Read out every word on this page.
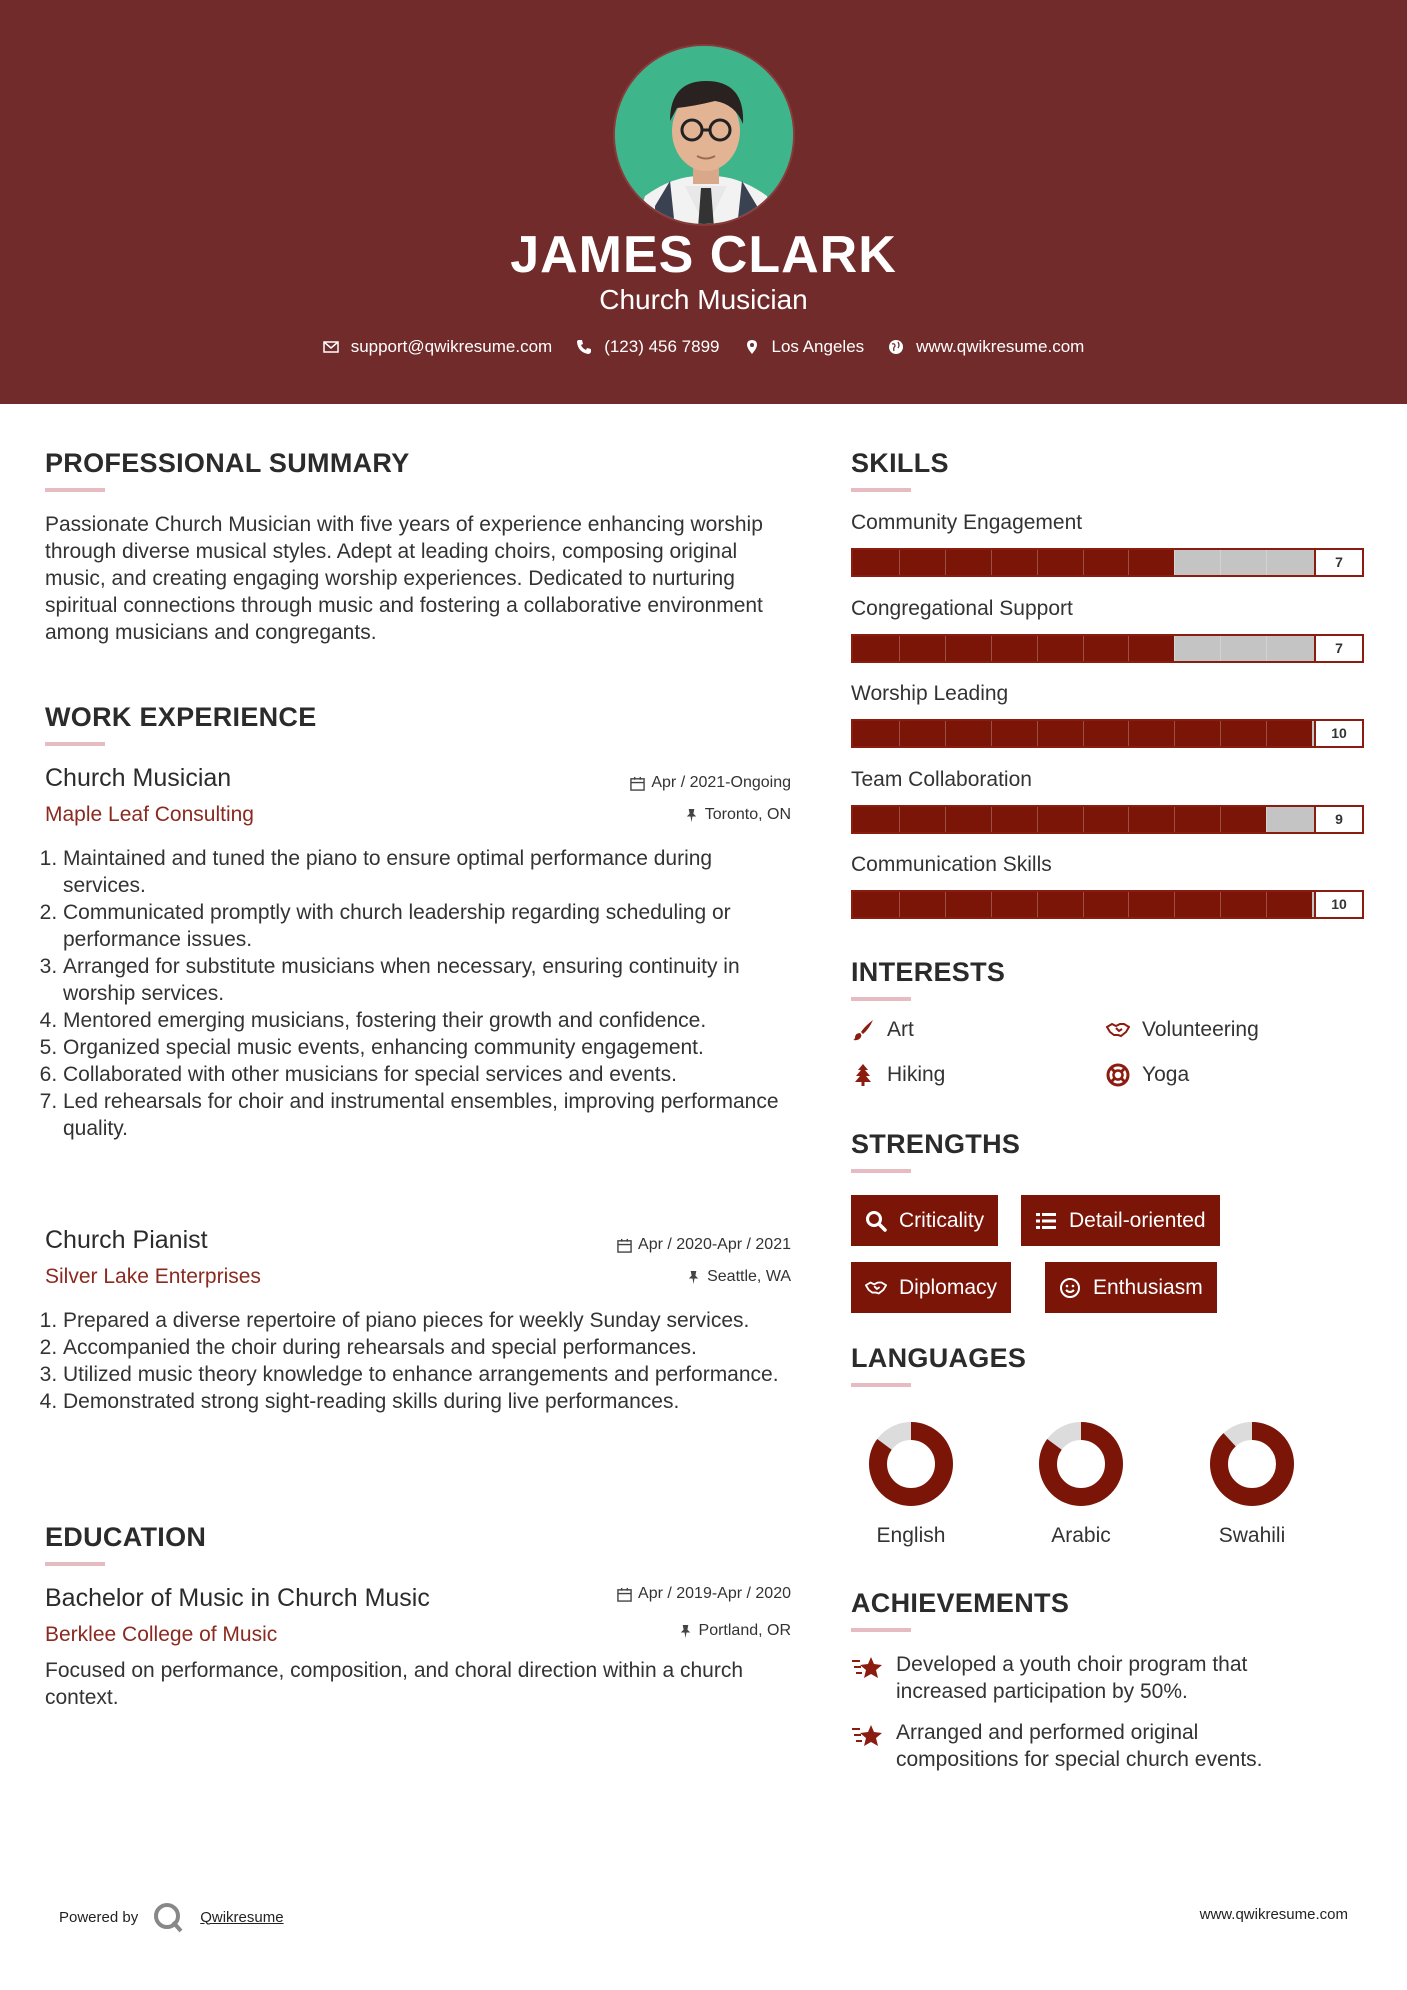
JAMES CLARK
Church Musician
support@qwikresume.com	(123) 456 7899	Los Angeles	www.qwikresume.com
PROFESSIONAL SUMMARY
Passionate Church Musician with five years of experience enhancing worship through diverse musical styles. Adept at leading choirs, composing original music, and creating engaging worship experiences. Dedicated to nurturing spiritual connections through music and fostering a collaborative environment among musicians and congregants.
WORK EXPERIENCE
Church Musician	Apr / 2021-Ongoing
Maple Leaf Consulting	Toronto, ON
1. Maintained and tuned the piano to ensure optimal performance during services.
2. Communicated promptly with church leadership regarding scheduling or performance issues.
3. Arranged for substitute musicians when necessary, ensuring continuity in worship services.
4. Mentored emerging musicians, fostering their growth and confidence.
5. Organized special music events, enhancing community engagement.
6. Collaborated with other musicians for special services and events.
7. Led rehearsals for choir and instrumental ensembles, improving performance quality.
Church Pianist	Apr / 2020-Apr / 2021
Silver Lake Enterprises	Seattle, WA
1. Prepared a diverse repertoire of piano pieces for weekly Sunday services.
2. Accompanied the choir during rehearsals and special performances.
3. Utilized music theory knowledge to enhance arrangements and performance.
4. Demonstrated strong sight-reading skills during live performances.
EDUCATION
Bachelor of Music in Church Music	Apr / 2019-Apr / 2020
Berklee College of Music	Portland, OR
Focused on performance, composition, and choral direction within a church context.
SKILLS
Community Engagement
7
Congregational Support
7
Worship Leading
10
Team Collaboration
9
Communication Skills
10
INTERESTS
Art	Volunteering
Hiking	Yoga
STRENGTHS
Criticality	Detail-oriented
Diplomacy	Enthusiasm
LANGUAGES
English	Arabic	Swahili
ACHIEVEMENTS
Developed a youth choir program that increased participation by 50%.
Arranged and performed original compositions for special church events.
Powered by	Qwikresume	www.qwikresume.com
